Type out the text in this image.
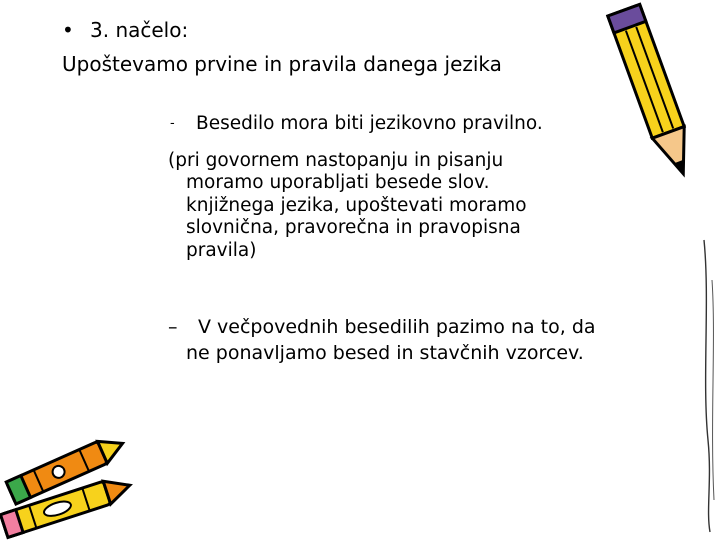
• 3. načelo:
Upoštevamo prvine in pravila danega jezika
- Besedilo mora biti jezikovno pravilno.
(pri govornem nastopanju in pisanju
moramo uporabljati besede slov.
knjižnega jezika, upoštevati moramo
slovnična, pravorečna in pravopisna
pravila)
– V večpovednih besedilih pazimo na to, da
ne ponavljamo besed in stavčnih vzorcev.
